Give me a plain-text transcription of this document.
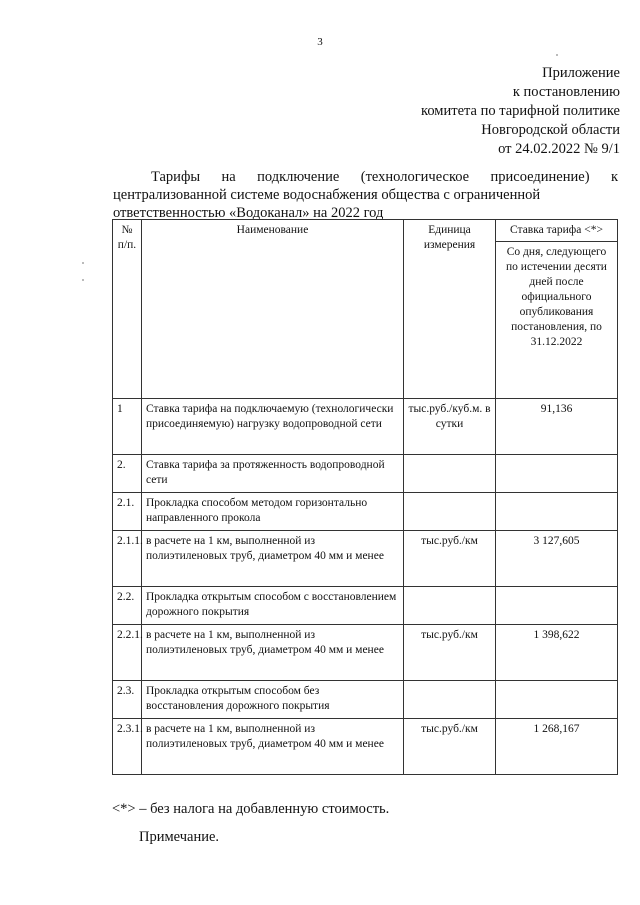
3
Приложение
к постановлению
комитета по тарифной политике
Новгородской области
от 24.02.2022 № 9/1
Тарифы на подключение (технологическое присоединение) к централизованной системе водоснабжения общества с ограниченной
ответственностью «Водоканал» на 2022 год
№ п/п.	Наименование	Единица измерения	Ставка тарифа <*>
			Со дня, следующего по истечении десяти дней после официального опубликования постановления, по 31.12.2022
1	Ставка тарифа на подключаемую (технологически присоединяемую) нагрузку водопроводной сети	тыс.руб./куб.м. в сутки	91,136
2.	Ставка тарифа за протяженность водопроводной сети		
2.1.	Прокладка способом методом горизонтально направленного прокола		
2.1.1.	в расчете на 1 км, выполненной из полиэтиленовых труб, диаметром 40 мм и менее	тыс.руб./км	3 127,605
2.2.	Прокладка открытым способом с восстановлением дорожного покрытия		
2.2.1.	в расчете на 1 км, выполненной из полиэтиленовых труб, диаметром 40 мм и менее	тыс.руб./км	1 398,622
2.3.	Прокладка открытым способом без восстановления дорожного покрытия		
2.3.1.	в расчете на 1 км, выполненной из полиэтиленовых труб, диаметром 40 мм и менее	тыс.руб./км	1 268,167
<*> – без налога на добавленную стоимость.
Примечание.
